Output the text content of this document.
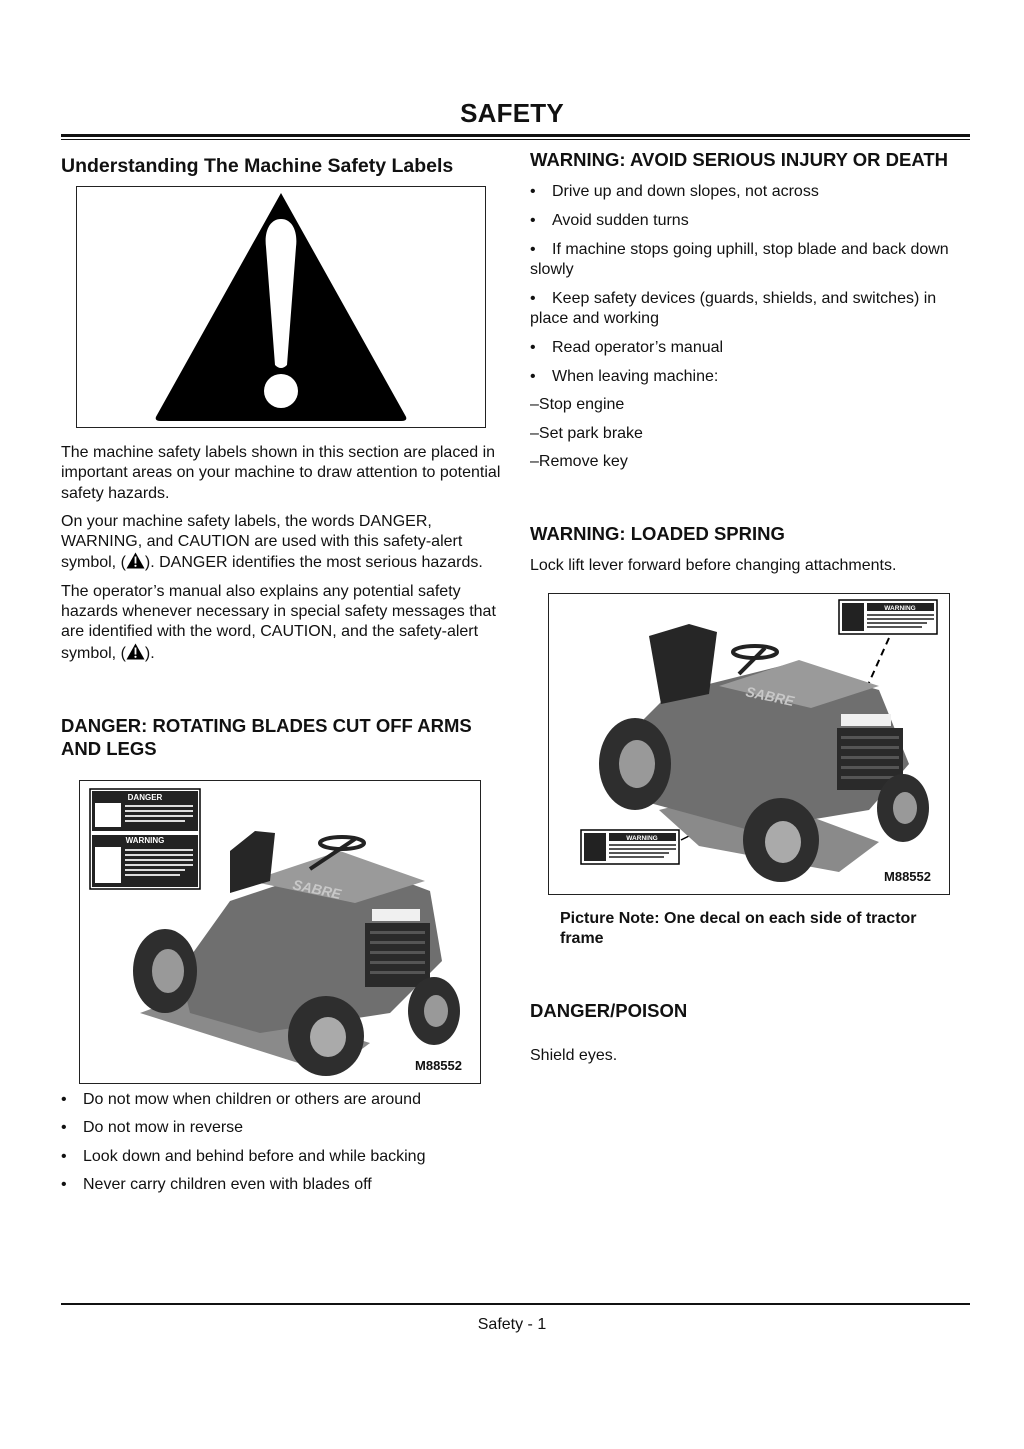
SAFETY
Understanding The Machine Safety Labels

The machine safety labels shown in this section are placed in important areas on your machine to draw attention to potential safety hazards.

On your machine safety labels, the words DANGER, WARNING, and CAUTION are used with this safety-alert symbol, ( ). DANGER identifies the most serious hazards.

The operator’s manual also explains any potential safety hazards whenever necessary in special safety messages that are identified with the word, CAUTION, and the safety-alert symbol, ( ).

DANGER: ROTATING BLADES CUT OFF ARMS AND LEGS
DANGER
WARNING
SABRE
M88552
• Do not mow when children or others are around
• Do not mow in reverse
• Look down and behind before and while backing
• Never carry children even with blades off
WARNING: AVOID SERIOUS INJURY OR DEATH
• Drive up and down slopes, not across
• Avoid sudden turns
• If machine stops going uphill, stop blade and back down slowly
• Keep safety devices (guards, shields, and switches) in place and working
• Read operator’s manual
• When leaving machine:
–Stop engine
–Set park brake
–Remove key
WARNING: LOADED SPRING

Lock lift lever forward before changing attachments.

WARNING
WARNING
SABRE
M88552
Picture Note: One decal on each side of tractor frame
DANGER/POISON

Shield eyes.

Safety - 1
